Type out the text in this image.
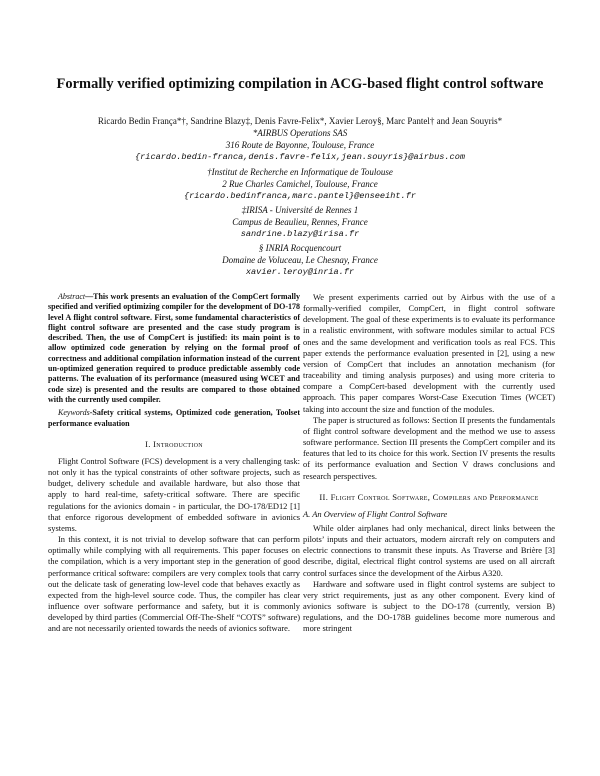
Formally verified optimizing compilation in ACG-based flight control software
Ricardo Bedin França*†, Sandrine Blazy‡, Denis Favre-Felix*, Xavier Leroy§, Marc Pantel† and Jean Souyris*
*AIRBUS Operations SAS
316 Route de Bayonne, Toulouse, France
{ricardo.bedin-franca,denis.favre-felix,jean.souyris}@airbus.com
†Institut de Recherche en Informatique de Toulouse
2 Rue Charles Camichel, Toulouse, France
{ricardo.bedinfranca,marc.pantel}@enseeiht.fr
‡IRISA - Université de Rennes 1
Campus de Beaulieu, Rennes, France
sandrine.blazy@irisa.fr
§ INRIA Rocquencourt
Domaine de Voluceau, Le Chesnay, France
xavier.leroy@inria.fr

Abstract—This work presents an evaluation of the CompCert formally specified and verified optimizing compiler for the development of DO-178 level A flight control software. First, some fundamental characteristics of flight control software are presented and the case study program is described. Then, the use of CompCert is justified: its main point is to allow optimized code generation by relying on the formal proof of correctness and additional compilation information instead of the current un-optimized generation required to produce predictable assembly code patterns. The evaluation of its performance (measured using WCET and code size) is presented and the results are compared to those obtained with the currently used compiler.

Keywords-Safety critical systems, Optimized code generation, Toolset performance evaluation

I. Introduction

Flight Control Software (FCS) development is a very challenging task: not only it has the typical constraints of other software projects, such as budget, delivery schedule and available hardware, but also those that apply to hard real-time, safety-critical software. There are specific regulations for the avionics domain - in particular, the DO-178/ED12 [1] that enforce rigorous development of embedded software in avionics systems.

In this context, it is not trivial to develop software that can perform optimally while complying with all requirements. This paper focuses on the compilation, which is a very important step in the generation of good performance critical software: compilers are very complex tools that carry out the delicate task of generating low-level code that behaves exactly as expected from the high-level source code. Thus, the compiler has clear influence over software performance and safety, but it is commonly developed by third parties (Commercial Off-The-Shelf “COTS” software) and are not necessarily oriented towards the needs of avionics software.

We present experiments carried out by Airbus with the use of a formally-verified compiler, CompCert, in flight control software development. The goal of these experiments is to evaluate its performance in a realistic environment, with software modules similar to actual FCS ones and the same development and verification tools as real FCS. This paper extends the performance evaluation presented in [2], using a new version of CompCert that includes an annotation mechanism (for traceability and timing analysis purposes) and using more criteria to compare a CompCert-based development with the currently used approach. This paper compares Worst-Case Execution Times (WCET) taking into account the size and function of the modules.

The paper is structured as follows: Section II presents the fundamentals of flight control software development and the method we use to assess software performance. Section III presents the CompCert compiler and its features that led to its choice for this work. Section IV presents the results of its performance evaluation and Section V draws conclusions and research perspectives.

II. Flight Control Software, Compilers and Performance

A. An Overview of Flight Control Software

While older airplanes had only mechanical, direct links between the pilots’ inputs and their actuators, modern aircraft rely on computers and electric connections to transmit these inputs. As Traverse and Brière [3] describe, digital, electrical flight control systems are used on all aircraft control surfaces since the development of the Airbus A320.

Hardware and software used in flight control systems are subject to very strict requirements, just as any other component. Every kind of avionics software is subject to the DO-178 (currently, version B) regulations, and the DO-178B guidelines become more numerous and more stringent
